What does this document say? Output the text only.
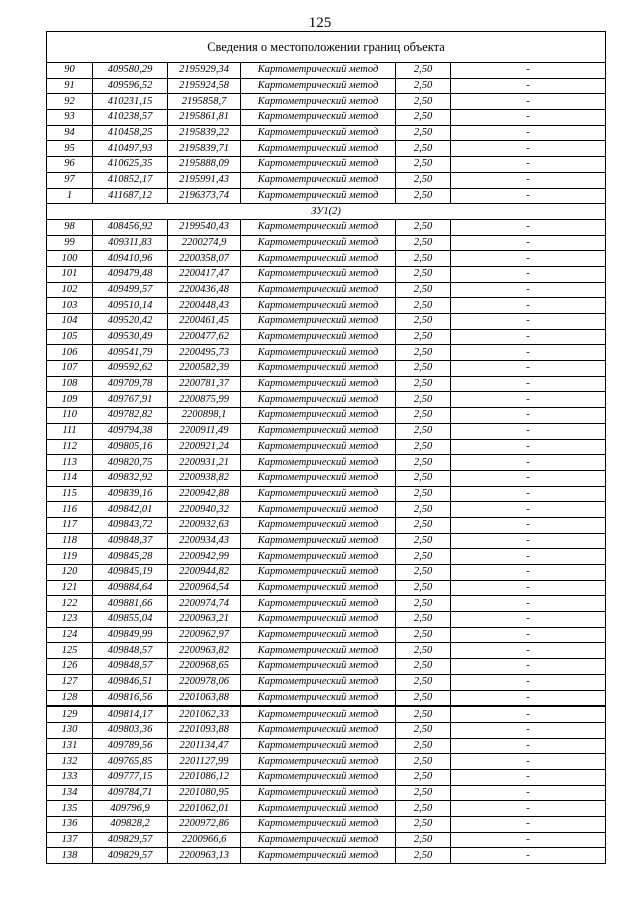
125
Сведения о местоположении границ объекта					
90	409580,29	2195929,34	Картометрический метод	2,50	-
91	409596,52	2195924,58	Картометрический метод	2,50	-
92	410231,15	2195858,7	Картометрический метод	2,50	-
93	410238,57	2195861,81	Картометрический метод	2,50	-
94	410458,25	2195839,22	Картометрический метод	2,50	-
95	410497,93	2195839,71	Картометрический метод	2,50	-
96	410625,35	2195888,09	Картометрический метод	2,50	-
97	410852,17	2195991,43	Картометрический метод	2,50	-
1	411687,12	2196373,74	Картометрический метод	2,50	-
ЗУ1(2)					
98	408456,92	2199540,43	Картометрический метод	2,50	-
99	409311,83	2200274,9	Картометрический метод	2,50	-
100	409410,96	2200358,07	Картометрический метод	2,50	-
101	409479,48	2200417,47	Картометрический метод	2,50	-
102	409499,57	2200436,48	Картометрический метод	2,50	-
103	409510,14	2200448,43	Картометрический метод	2,50	-
104	409520,42	2200461,45	Картометрический метод	2,50	-
105	409530,49	2200477,62	Картометрический метод	2,50	-
106	409541,79	2200495,73	Картометрический метод	2,50	-
107	409592,62	2200582,39	Картометрический метод	2,50	-
108	409709,78	2200781,37	Картометрический метод	2,50	-
109	409767,91	2200875,99	Картометрический метод	2,50	-
110	409782,82	2200898,1	Картометрический метод	2,50	-
111	409794,38	2200911,49	Картометрический метод	2,50	-
112	409805,16	2200921,24	Картометрический метод	2,50	-
113	409820,75	2200931,21	Картометрический метод	2,50	-
114	409832,92	2200938,82	Картометрический метод	2,50	-
115	409839,16	2200942,88	Картометрический метод	2,50	-
116	409842,01	2200940,32	Картометрический метод	2,50	-
117	409843,72	2200932,63	Картометрический метод	2,50	-
118	409848,37	2200934,43	Картометрический метод	2,50	-
119	409845,28	2200942,99	Картометрический метод	2,50	-
120	409845,19	2200944,82	Картометрический метод	2,50	-
121	409884,64	2200964,54	Картометрический метод	2,50	-
122	409881,66	2200974,74	Картометрический метод	2,50	-
123	409855,04	2200963,21	Картометрический метод	2,50	-
124	409849,99	2200962,97	Картометрический метод	2,50	-
125	409848,57	2200963,82	Картометрический метод	2,50	-
126	409848,57	2200968,65	Картометрический метод	2,50	-
127	409846,51	2200978,06	Картометрический метод	2,50	-
128	409816,56	2201063,88	Картометрический метод	2,50	-
129	409814,17	2201062,33	Картометрический метод	2,50	-
130	409803,36	2201093,88	Картометрический метод	2,50	-
131	409789,56	2201134,47	Картометрический метод	2,50	-
132	409765,85	2201127,99	Картометрический метод	2,50	-
133	409777,15	2201086,12	Картометрический метод	2,50	-
134	409784,71	2201080,95	Картометрический метод	2,50	-
135	409796,9	2201062,01	Картометрический метод	2,50	-
136	409828,2	2200972,86	Картометрический метод	2,50	-
137	409829,57	2200966,6	Картометрический метод	2,50	-
138	409829,57	2200963,13	Картометрический метод	2,50	-
